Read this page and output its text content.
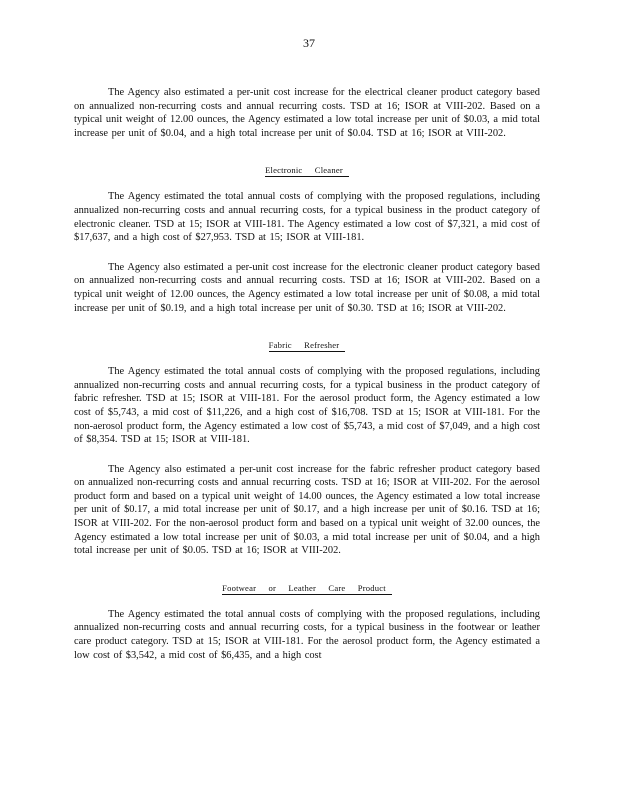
37

The Agency also estimated a per-unit cost increase for the electrical cleaner product category based on annualized non-recurring costs and annual recurring costs. TSD at 16; ISOR at VIII-202. Based on a typical unit weight of 12.00 ounces, the Agency estimated a low total increase per unit of $0.03, a mid total increase per unit of $0.04, and a high total increase per unit of $0.04. TSD at 16; ISOR at VIII-202.

Electronic Cleaner

The Agency estimated the total annual costs of complying with the proposed regulations, including annualized non-recurring costs and annual recurring costs, for a typical business in the product category of electronic cleaner. TSD at 15; ISOR at VIII-181. The Agency estimated a low cost of $7,321, a mid cost of $17,637, and a high cost of $27,953. TSD at 15; ISOR at VIII-181.

The Agency also estimated a per-unit cost increase for the electronic cleaner product category based on annualized non-recurring costs and annual recurring costs. TSD at 16; ISOR at VIII-202. Based on a typical unit weight of 12.00 ounces, the Agency estimated a low total increase per unit of $0.08, a mid total increase per unit of $0.19, and a high total increase per unit of $0.30. TSD at 16; ISOR at VIII-202.

Fabric Refresher

The Agency estimated the total annual costs of complying with the proposed regulations, including annualized non-recurring costs and annual recurring costs, for a typical business in the product category of fabric refresher. TSD at 15; ISOR at VIII-181. For the aerosol product form, the Agency estimated a low cost of $5,743, a mid cost of $11,226, and a high cost of $16,708. TSD at 15; ISOR at VIII-181. For the non-aerosol product form, the Agency estimated a low cost of $5,743, a mid cost of $7,049, and a high cost of $8,354. TSD at 15; ISOR at VIII-181.

The Agency also estimated a per-unit cost increase for the fabric refresher product category based on annualized non-recurring costs and annual recurring costs. TSD at 16; ISOR at VIII-202. For the aerosol product form and based on a typical unit weight of 14.00 ounces, the Agency estimated a low total increase per unit of $0.17, a mid total increase per unit of $0.17, and a high increase per unit of $0.16. TSD at 16; ISOR at VIII-202. For the non-aerosol product form and based on a typical unit weight of 32.00 ounces, the Agency estimated a low total increase per unit of $0.03, a mid total increase per unit of $0.04, and a high total increase per unit of $0.05. TSD at 16; ISOR at VIII-202.

Footwear or Leather Care Product

The Agency estimated the total annual costs of complying with the proposed regulations, including annualized non-recurring costs and annual recurring costs, for a typical business in the footwear or leather care product category. TSD at 15; ISOR at VIII-181. For the aerosol product form, the Agency estimated a low cost of $3,542, a mid cost of $6,435, and a high cost
